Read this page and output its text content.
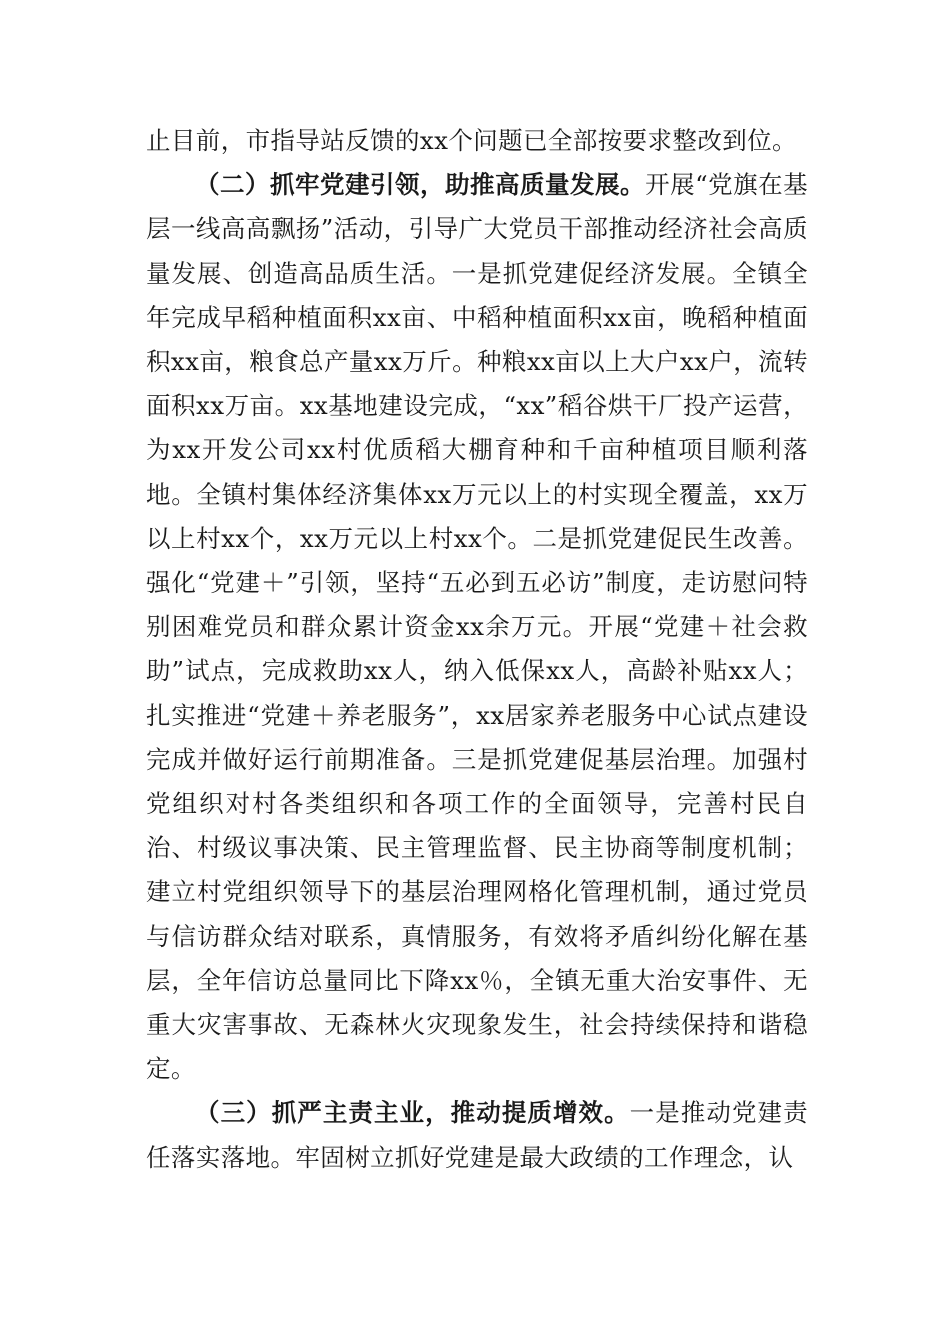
止目前，市指导站反馈的xx个问题已全部按要求整改到位。

（二）抓牢党建引领，助推高质量发展。开展“党旗在基层一线高高飘扬”活动，引导广大党员干部推动经济社会高质量发展、创造高品质生活。一是抓党建促经济发展。全镇全年完成早稻种植面积xx亩、中稻种植面积xx亩，晚稻种植面积xx亩，粮食总产量xx万斤。种粮xx亩以上大户xx户，流转面积xx万亩。xx基地建设完成，“xx”稻谷烘干厂投产运营，为xx开发公司xx村优质稻大棚育种和千亩种植项目顺利落地。全镇村集体经济集体xx万元以上的村实现全覆盖，xx万以上村xx个，xx万元以上村xx个。二是抓党建促民生改善。强化“党建＋”引领，坚持“五必到五必访”制度，走访慰问特别困难党员和群众累计资金xx余万元。开展“党建＋社会救助”试点，完成救助xx人，纳入低保xx人，高龄补贴xx人；扎实推进“党建＋养老服务”，xx居家养老服务中心试点建设完成并做好运行前期准备。三是抓党建促基层治理。加强村党组织对村各类组织和各项工作的全面领导，完善村民自治、村级议事决策、民主管理监督、民主协商等制度机制；建立村党组织领导下的基层治理网格化管理机制，通过党员与信访群众结对联系，真情服务，有效将矛盾纠纷化解在基层，全年信访总量同比下降xx％，全镇无重大治安事件、无重大灾害事故、无森林火灾现象发生，社会持续保持和谐稳定。

（三）抓严主责主业，推动提质增效。一是推动党建责任落实落地。牢固树立抓好党建是最大政绩的工作理念，认
